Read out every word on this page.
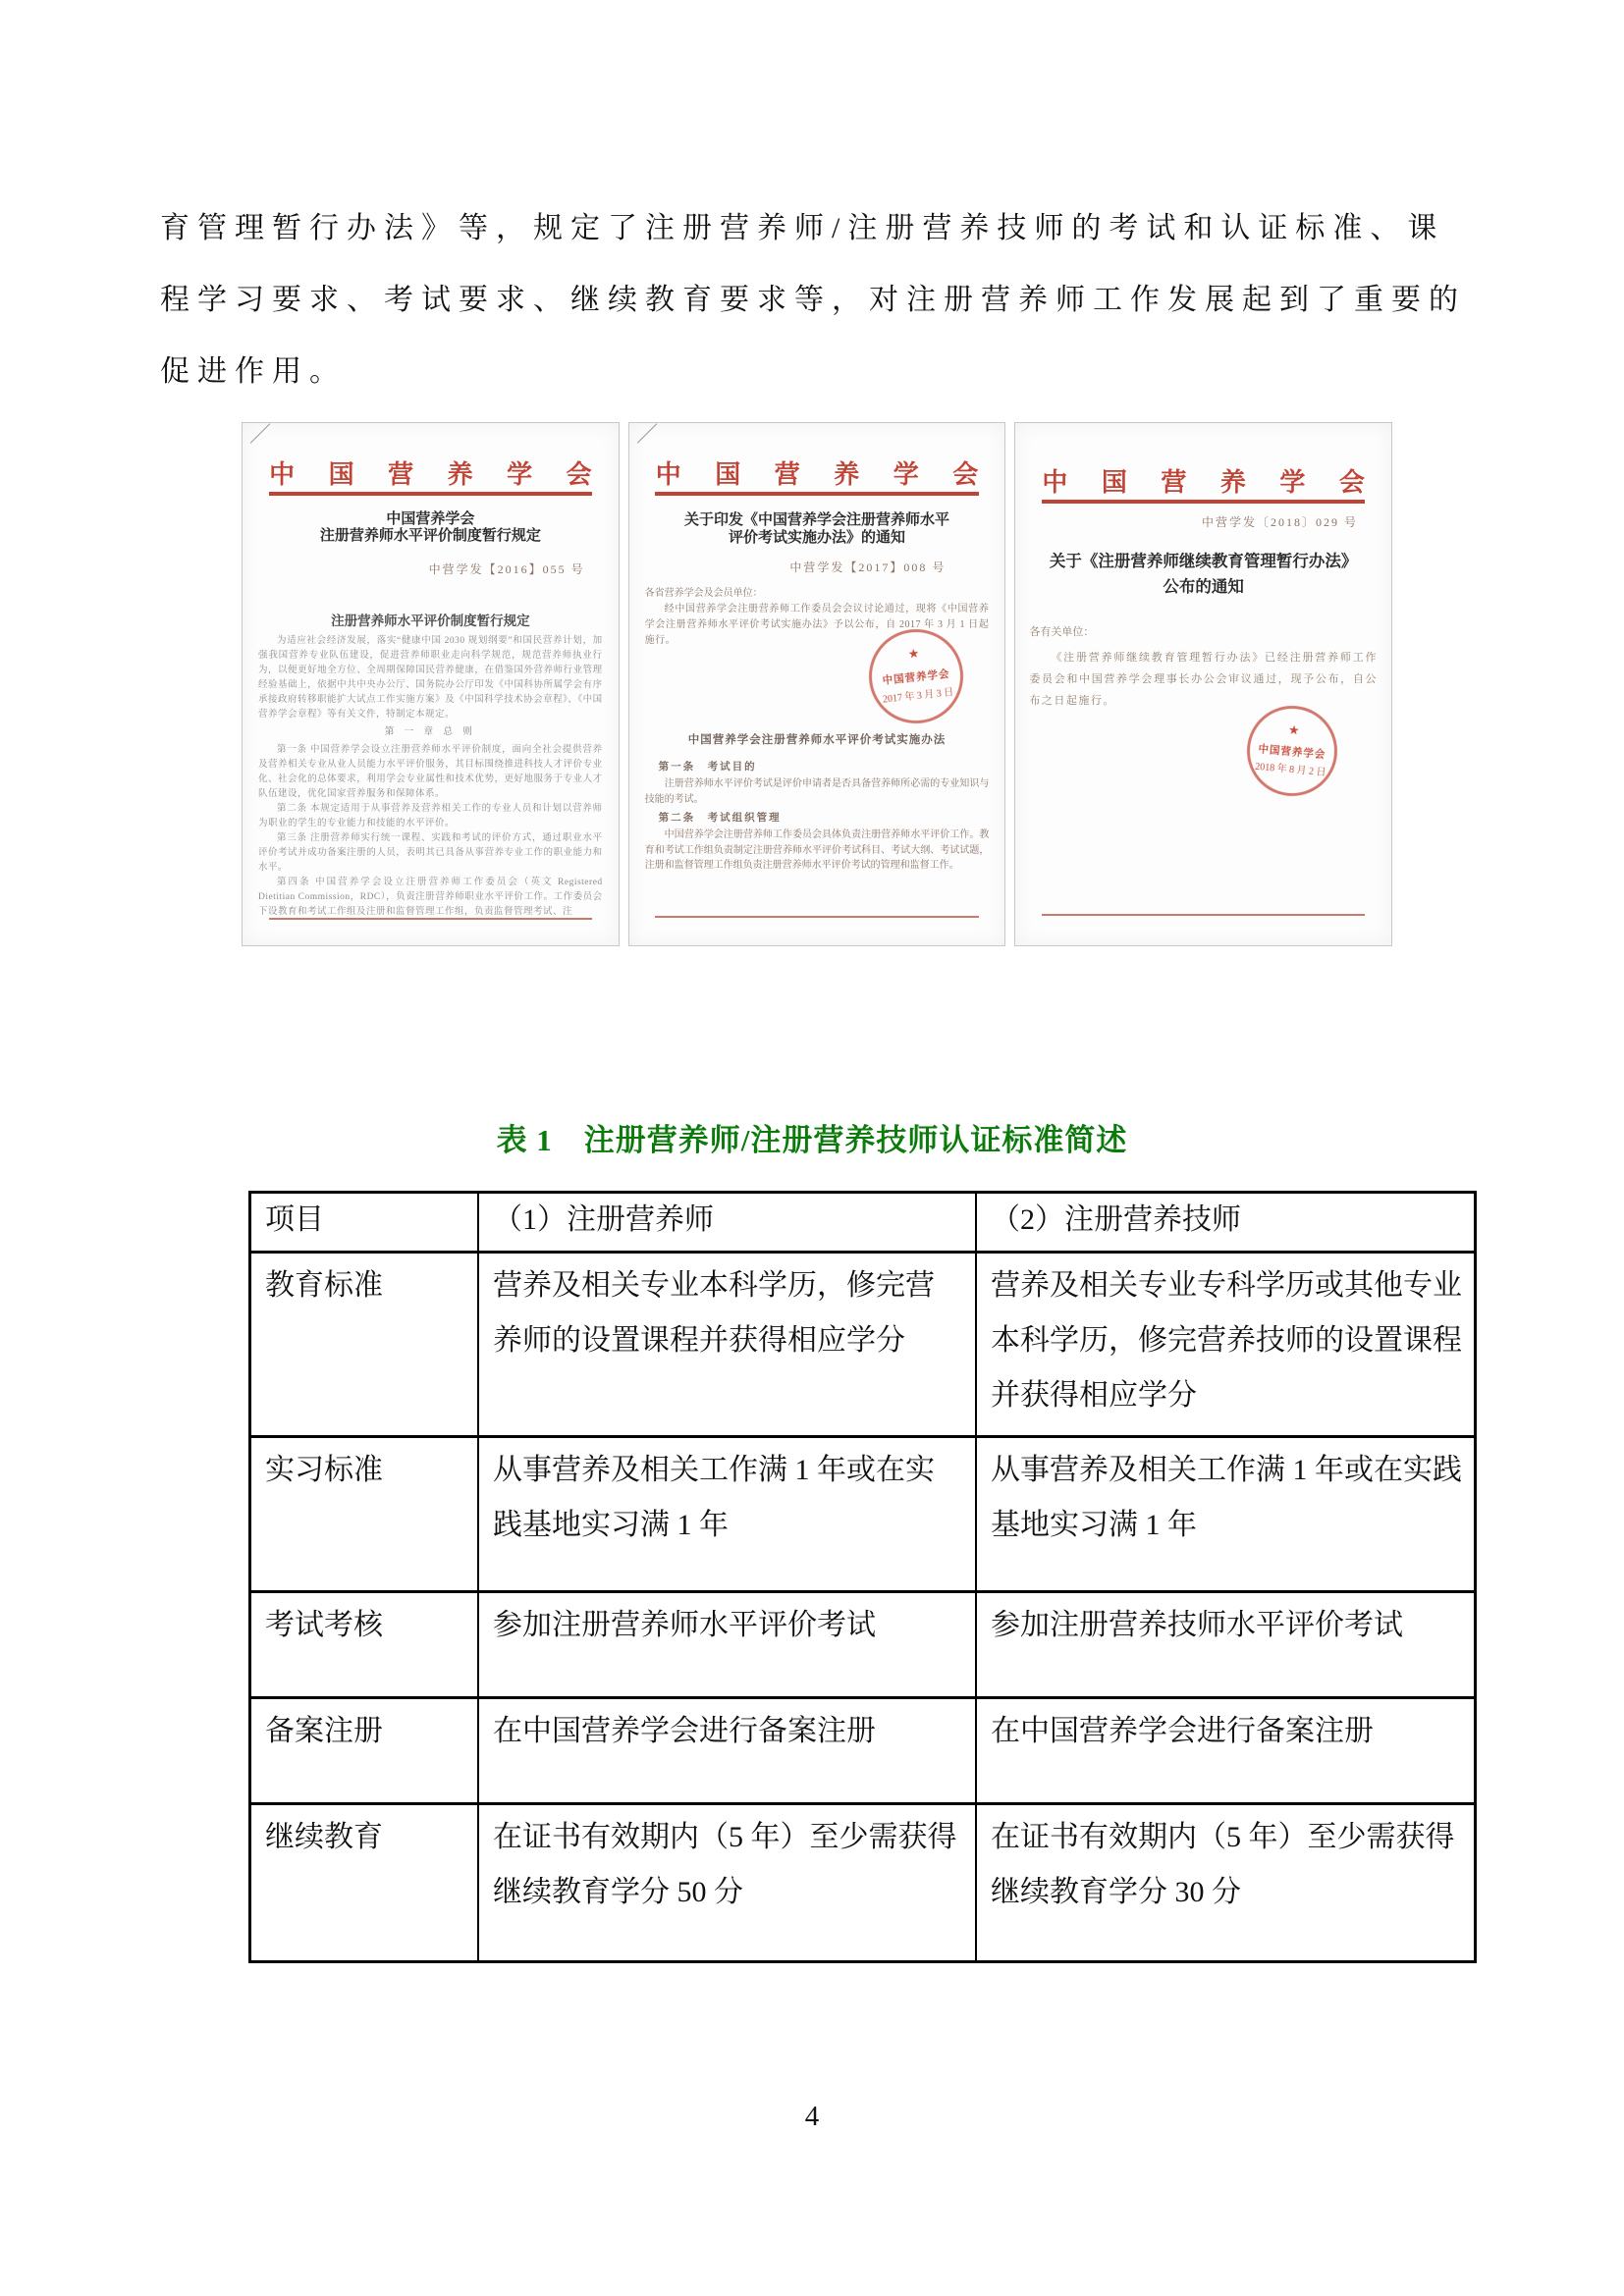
育管理暂行办法》等，规定了注册营养师/注册营养技师的考试和认证标准、课
程学习要求、考试要求、继续教育要求等，对注册营养师工作发展起到了重要的
促进作用。
中 国 营 养 学 会
中国营养学会
注册营养师水平评价制度暂行规定
中营学发【2016】055 号
注册营养师水平评价制度暂行规定

为适应社会经济发展，落实“健康中国 2030 规划纲要”和国民营养计划，加强我国营养专业队伍建设，促进营养师职业走向科学规范，规范营养师执业行为，以便更好地全方位、全周期保障国民营养健康，在借鉴国外营养师行业管理经验基础上，依据中共中央办公厅、国务院办公厅印发《中国科协所属学会有序承接政府转移职能扩大试点工作实施方案》及《中国科学技术协会章程》、《中国营养学会章程》等有关文件，特制定本规定。

第 一 章 总 则

第一条 中国营养学会设立注册营养师水平评价制度，面向全社会提供营养及营养相关专业从业人员能力水平评价服务，其目标围绕推进科技人才评价专业化、社会化的总体要求，利用学会专业属性和技术优势，更好地服务于专业人才队伍建设，优化国家营养服务和保障体系。

第二条 本规定适用于从事营养及营养相关工作的专业人员和计划以营养师为职业的学生的专业能力和技能的水平评价。

第三条 注册营养师实行统一课程、实践和考试的评价方式，通过职业水平评价考试并成功备案注册的人员，表明其已具备从事营养专业工作的职业能力和水平。

第四条 中国营养学会设立注册营养师工作委员会（英文 Registered Dietitian Commission，RDC），负责注册营养师职业水平评价工作。工作委员会下设教育和考试工作组及注册和监督管理工作组，负责监督管理考试、注

中 国 营 养 学 会
关于印发《中国营养学会注册营养师水平
评价考试实施办法》的通知
中营学发【2017】008 号
各省营养学会及会员单位：

经中国营养学会注册营养师工作委员会会议讨论通过，现将《中国营养学会注册营养师水平评价考试实施办法》予以公布，自 2017 年 3 月 1 日起施行。

★
中国营养学会
2017 年 3 月 3 日
中国营养学会注册营养师水平评价考试实施办法
第一条　考试目的

注册营养师水平评价考试是评价申请者是否具备营养师所必需的专业知识与技能的考试。

第二条　考试组织管理

中国营养学会注册营养师工作委员会具体负责注册营养师水平评价工作。教育和考试工作组负责制定注册营养师水平评价考试科目、考试大纲、考试试题，注册和监督管理工作组负责注册营养师水平评价考试的管理和监督工作。

中 国 营 养 学 会
中营学发〔2018〕029 号
关于《注册营养师继续教育管理暂行办法》
公布的通知
各有关单位：

《注册营养师继续教育管理暂行办法》已经注册营养师工作委员会和中国营养学会理事长办公会审议通过，现予公布，自公布之日起施行。

★
中国营养学会
2018 年 8 月 2 日
表 1　注册营养师/注册营养技师认证标准简述
项目	（1）注册营养师	（2）注册营养技师
教育标准	营养及相关专业本科学历，修完营养师的设置课程并获得相应学分	营养及相关专业专科学历或其他专业本科学历，修完营养技师的设置课程并获得相应学分
实习标准	从事营养及相关工作满 1 年或在实践基地实习满 1 年	从事营养及相关工作满 1 年或在实践基地实习满 1 年
考试考核	参加注册营养师水平评价考试	参加注册营养技师水平评价考试
备案注册	在中国营养学会进行备案注册	在中国营养学会进行备案注册
继续教育	在证书有效期内（5 年）至少需获得继续教育学分 50 分	在证书有效期内（5 年）至少需获得继续教育学分 30 分
4
